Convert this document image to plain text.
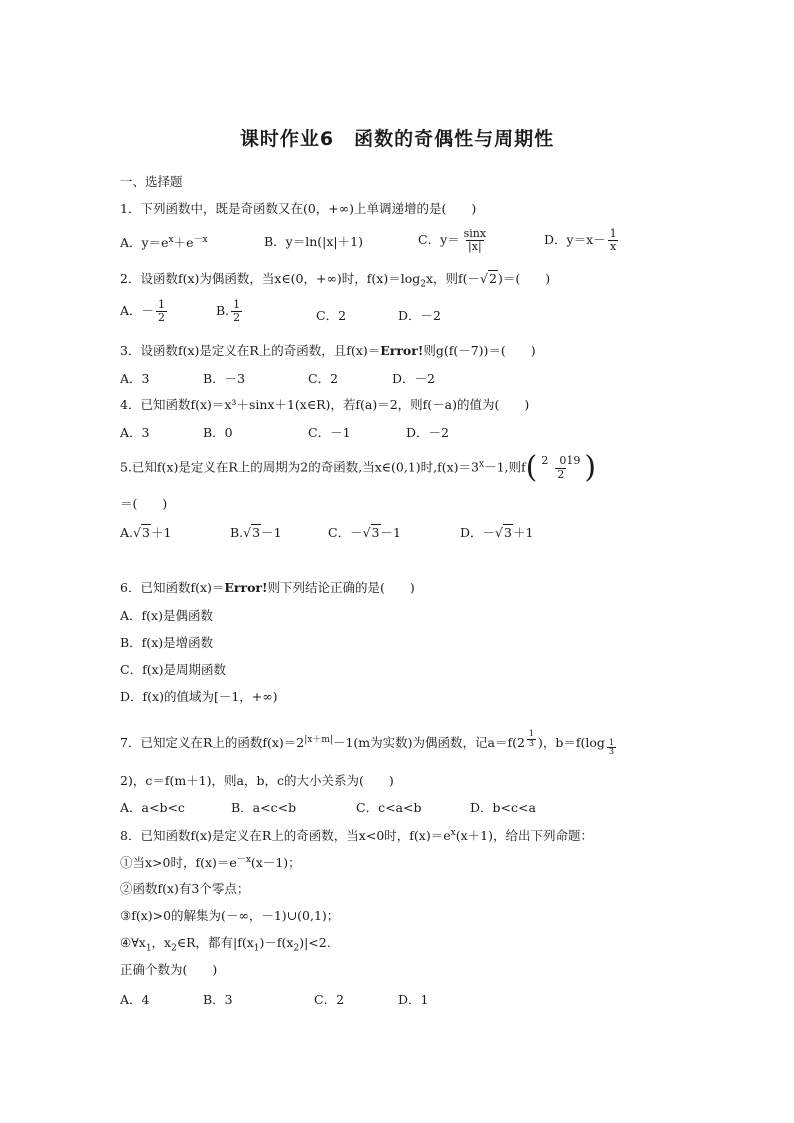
课时作业6　函数的奇偶性与周期性
一、选择题
1．下列函数中，既是奇函数又在(0，+∞)上单调递增的是(　　)
A．$y=e^x+e^{-x}$	B．y＝ln(|x|＋1)	C．$y= \frac{\sin x}{|x|}$	D．$y=x- \frac{1}{x}$
2．设函数f(x)为偶函数，当x∈(0，+∞)时，$f(x)=\log_2x$，则f(－√2)＝(　　)
A．－ $\frac{1}{2}$	B. $\frac{1}{2}$	C．2	D．－2
3．设函数f(x)是定义在R上的奇函数，且f(x)＝Error!则g(f(－7))＝(　　)
A．3	B．－3	C．2	D．－2
4．已知函数f(x)＝x³＋sinx＋1(x∈R)，若f(a)＝2，则f(－a)的值为(　　)
A．3	B．0	C．－1	D．－2
5.已知f(x)是定义在R上的周期为2的奇函数,当x∈(0,1)时$,f(x)=3^x-1$,则$f( \frac{2 019}{2}$ )
＝(　　)
A.√3＋1	B.√3－1	C．－√3－1	D．－√3＋1
6．已知函数f(x)＝Error!则下列结论正确的是(　　)
A．f(x)是偶函数
B．f(x)是增函数
C．f(x)是周期函数
D．f(x)的值域为[－1，+∞)
7．已知定义在R上的函数$f(x)=2^{|x+m|}-1(m$为实数)为偶函数，记a＝f(2 $^{\frac{1}{3}}$ )，b＝f(log $_{\frac{1}{3}}$
2)，c＝f(m＋1)，则a，b，c的大小关系为(　　)
A．a<b<c	B．a<c<b	C．c<a<b	D．b<c<a
8．已知函数f(x)是定义在R上的奇函数，当x<0时，$f(x)=e^x(x+1)$，给出下列命题：
①当x>0时，$f(x)=e^{-x}(x-1)$；
②函数f(x)有3个零点；
③f(x)>0的解集为(－∞，－1)∪(0,1)；
$④\forall x_1$，$x_2\in R$，都有$|f(x_1)-f(x_2)|<2$.
正确个数为(　　)
A．4	B．3	C．2	D．1
